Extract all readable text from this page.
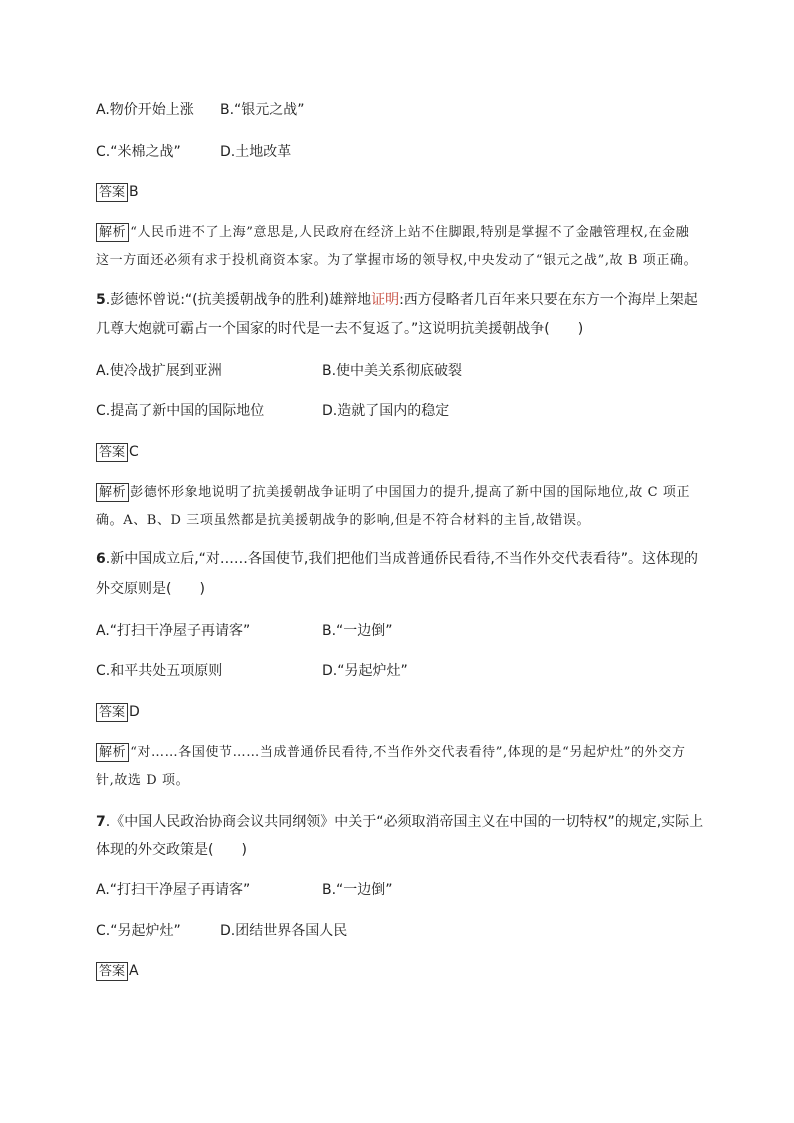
A.物价开始上涨 B.“银元之战”
C.“米棉之战”	D.土地改革
答案 B
解析 “人民币进不了上海”意思是,人民政府在经济上站不住脚跟,特别是掌握不了金融管理权,在金融
这一方面还必须有求于投机商资本家。为了掌握市场的领导权,中央发动了“银元之战”,故 B 项正确。
5.彭德怀曾说:“(抗美援朝战争的胜利)雄辩地证明:西方侵略者几百年来只要在东方一个海岸上架起
几尊大炮就可霸占一个国家的时代是一去不复返了。”这说明抗美援朝战争(　　)
A.使冷战扩展到亚洲	B.使中美关系彻底破裂
C.提高了新中国的国际地位	D.造就了国内的稳定
答案 C
解析 彭德怀形象地说明了抗美援朝战争证明了中国国力的提升,提高了新中国的国际地位,故 C 项正
确。A、B、D 三项虽然都是抗美援朝战争的影响,但是不符合材料的主旨,故错误。
6.新中国成立后,“对……各国使节,我们把他们当成普通侨民看待,不当作外交代表看待”。这体现的
外交原则是(　　)
A.“打扫干净屋子再请客”	B.“一边倒”
C.和平共处五项原则	D.“另起炉灶”
答案 D
解析 “对……各国使节……当成普通侨民看待,不当作外交代表看待”,体现的是“另起炉灶”的外交方
针,故选 D 项。
7.《中国人民政治协商会议共同纲领》中关于“必须取消帝国主义在中国的一切特权”的规定,实际上
体现的外交政策是(　　)
A.“打扫干净屋子再请客”	B.“一边倒”
C.“另起炉灶”	D.团结世界各国人民
答案 A
